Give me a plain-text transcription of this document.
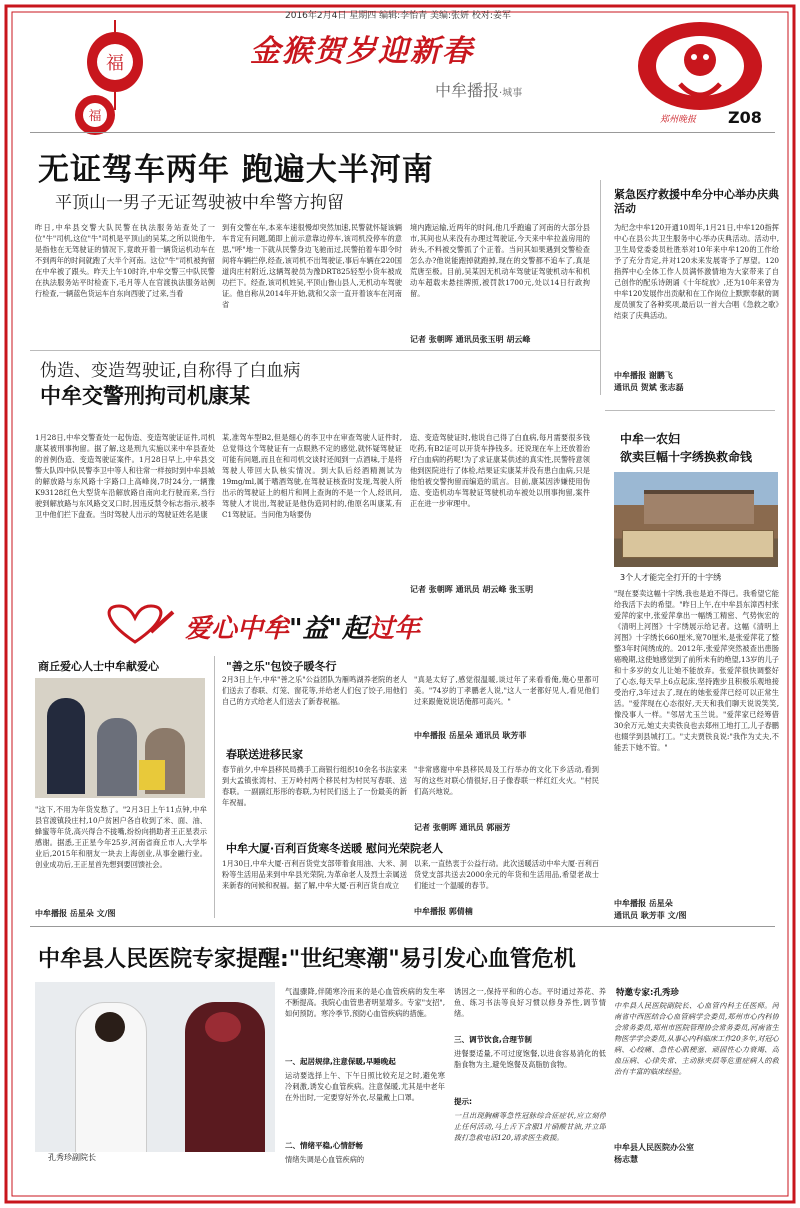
福
福
2016年2月4日 星期四 编辑:李怡青 美编:张妍 校对:姜军
金猴贺岁迎新春
中牟播报·城事
郑州晚报 Z08
无证驾车两年 跑遍大半河南
平顶山一男子无证驾驶被中牟警方拘留
昨日,中牟县交警大队民警在执法服务站查处了一位"牛"司机,这位"牛"司机是平顶山的吴某,之所以说他牛,是指他在无驾驶证的情况下,竟敢开着一辆货运机动车在不到两年的时间就跑了大半个河南。这位"牛"司机被拘留在中牟被了跟头。昨天上午10时许,中牟交警三中队民警在执法服务站平时检查下,毛月等人在官渡执法服务站例行检查,一辆蓝色货运车自东向西驶了过来,当看
到有交警在车,本来车速很慢却突然加速,民警就怀疑该辆车肯定有问题,随即上前示意靠边停车,该司机没停车的意思,"呼"地一下就从民警身边飞驰而过,民警拍着车即令时间将车辆拦停,经查,该司机不出驾驶证,事后车辆在220国道肉庄村附近,这辆驾驶员为豫DRT825轻型小货车被成功拦下。经查,该司机姓吴,平顶山鲁山县人,无机动车驾驶证。他自称从2014年开始,就和父亲一直开着该车在河南省
境内跑运输,近两年的时间,他几乎跑遍了河南的大部分县市,其间也从来没有办理过驾驶证,今天来中牟拉盖房用的砖头,不料被交警抓了个正着。当问其如果遇到交警检查怎么办?他说能跑掉就跑掉,现在的交警都不追车了,真是荒唐至极。目前,吴某因无机动车驾驶证驾驶机动车和机动车超载未悬挂牌照,被罚款1700元,处以14日行政拘留。
记者 张朝晖 通讯员张玉明 胡云峰
紧急医疗救援中牟分中心举办庆典活动
为纪念中牟120开通10周年,1月21日,中牟120指挥中心在县公共卫生服务中心举办庆典活动。活动中,卫生局党委委员杜胜举对10年来中牟120的工作给予了充分肯定,并对120未来发展寄予了厚望。120指挥中心全体工作人员满怀激情地为大家带来了自己创作的配乐诗朗诵《十年绽放》,还为10年来曾为中牟120发展作出贡献和在工作岗位上默默奉献的调度员颁发了各种奖项,最后以一首大合唱《急救之歌》结束了庆典活动。
中牟播报 谢鹏飞
通讯员 贺斌 张志磊
伪造、变造驾驶证,自称得了白血病
中牟交警刑拘司机康某
1月28日,中牟交警查处一起伪造、变造驾驶证证件,司机康某被刑事拘留。据了解,这是刑九实施以来中牟县查处的首例伪造、变造驾驶证案件。1月28日早上,中牟县交警大队四中队民警李卫中等人和往常一样按时到中牟县城的解放路与东风路十字路口上高峰岗,7时24分,一辆豫K93128红色大型货车沿解放路自南向北行驶而来,当行驶到解放路与东风路交叉口时,因违反禁令标志指示,被李卫中他们拦下盘查。当时驾驶人出示的驾驶证姓名是康
某,准驾车型B2,但是细心的李卫中在审查驾驶人证件时,总觉得这个驾驶证有一点眼熟不定的感觉,就怀疑驾驶证可能有问题,而且在和司机交谈时还闻到一点酒味,于是将驾驶人带回大队核实情况。到大队后经酒精测试为19mg/ml,属于嗜酒驾驶,在驾驶证核查时发现,驾驶人所出示的驾驶证上的相片和网上查询的不是一个人,经讯问,驾驶人才说出,驾驶证是他伪造同村的,他原名叫康某,有C1驾驶证。当问他为啥要伪
造、变造驾驶证时,他说自己得了白血病,每月需要很多钱吃药,有B2证可以开货车挣钱多。还说现在车上还放着治疗白血病的药呢!为了求证康某供述的真实性,民警特意领他到医院进行了体检,结果证实康某并没有患白血病,只是他怕被交警拘留而编造的谎言。目前,康某因涉嫌使用伪造、变造机动车驾驶证驾驶机动车被处以刑事拘留,案件正在进一步审理中。
记者 张朝晖 通讯员 胡云峰 张玉明
中牟一农妇
欲卖巨幅十字绣换救命钱
3个人才能完全打开的十字绣
"现在要卖这幅十字绣,我也是迫不得已。我希望它能给我活下去的希望。"昨日上午,在中牟县东漳西村张爱萍的家中,张爱萍拿出一幅绣工精密、气势恢宏的《清明上河图》十字绣展示给记者。这幅《清明上河图》十字绣长660厘米,宽70厘米,是张爱萍花了整整3年时间绣成的。2012年,张爱萍突然被查出患肠癌晚期,这使她感觉到了前所未有的绝望,13岁的儿子和十多岁的女儿让她不能放弃。张爱萍很快调整好了心态,每天早上6点起床,坚持跑步且积极乐观地接受治疗,3年过去了,现在的她张爱萍已经可以正常生活。"爱萍现在心态很好,天天和我们聊天说说笑笑,像没事人一样。"邻居尤玉兰说。"爱萍家已经筹借30余万元,她丈夫卖铁良也去郑州工地打工,儿子春鹏也辍学到县城打工。"丈夫贾铁良说:"我作为丈夫,不能丢下她不管。"
中牟播报 岳星朵
通讯员 耿芳菲 文/图
爱心中牟"益"起过年
商丘爱心人士中牟献爱心
"这下,不用为年货发愁了。"2月3日上午11点钟,中牟县官渡镇段庄村,10户贫困户各自收到了米、面、油、蜂蜜等年货,高兴得合不拢嘴,纷纷向捐助者王正星表示感谢。据悉,王正星今年25岁,河南省商丘市人,大学毕业后,2015年和朋友一块去上海创业,从事金融行业。创业成功后,王正星首先想到要回馈社会。
中牟播报 岳星朵 文/图
"善之乐"包饺子暖冬行
2月3日上午,中牟"善之乐"公益团队为雁鸣湖养老院的老人们送去了春联、灯笼、窗花等,并给老人们包了饺子,用他们自己的方式给老人们送去了新春祝福。
"真是太好了,感觉很温暖,谈过年了来看看俺,俺心里都可美。"74岁的丁孝鹏老人说,"这人一老都好见人,看见他们过来跟俺说说话俺都可高兴。"
中牟播报 岳星朵 通讯员 耿芳菲
春联送进移民家
春节前夕,中牟县移民局携手工商银行组织10余名书法家来到大孟镇张湾村、王万岭村两个移民村为村民写春联、送春联。一副副红彤彤的春联,为村民们送上了一份最美的新年祝福。
"非常感谢中牟县移民局及工行举办的文化下乡活动,看到写的这些对联心情很好,日子像春联一样红红火火。"村民们高兴地说。
记者 张朝晖 通讯员 郭丽芳
中牟大厦·百利百货寒冬送暖 慰问光荣院老人
1月30日,中牟大厦·百利百货党支部带着食用油、大米、洞粉等生活用品来到中牟县光荣院,为革命老人及烈士亲属送来新春的问候和祝福。据了解,中牟大厦·百利百货自成立
以来,一直热衷于公益行动。此次送暖活动中牟大厦·百利百货党支部共送去2000余元的年货和生活用品,希望老战士们能过一个温暖的春节。
中牟播报 郭倩楠
中牟县人民医院专家提醒:"世纪寒潮"易引发心血管危机
孔秀珍副院长
气温骤降,伴随寒冷而来的是心血管疾病的发生率不断提高。我院心血管患者明显增多。专家"支招",如何预防。寒冷季节,预防心血管疾病的措施。
一、起居规律,注意保暖,早睡晚起
运动要选择上午、下午日照比较充足之时,避免寒冷刺激,诱发心血管疾病。注意保暖,尤其是中老年在外出时,一定要穿好外衣,尽量戴上口罩。
二、情绪平稳,心情舒畅
情绪失调是心血管疾病的
诱因之一,保持平和的心态。平时通过养花、养鱼、练习书法等良好习惯以修身养性,调节情绪。
三、调节饮食,合理节制
进餐要适量,不可过度饱餐,以进食容易消化的低脂食物为主,避免饱餐及高脂肪食物。
提示:
一旦出现胸痛等急性冠脉综合征症状,应立刻停止任何活动,马上舌下含服1片硝酸甘油,并立即拨打急救电话120,请求医生救援。
特邀专家:孔秀珍
中牟县人民医院副院长、心血管内科主任医师。河南省中西医结合心血管病学会委员,郑州市心内科协会常务委员,郑州市医院管理协会常务委员,河南省生物医学学会委员,从事心内科临床工作20多年,对冠心病、心绞痛、急性心肌梗塞、顽固性心力衰竭、高血压病、心律失常、主动脉夹层等危重症病人的救治有丰富的临床经验。
中牟县人民医院办公室
杨志慧
